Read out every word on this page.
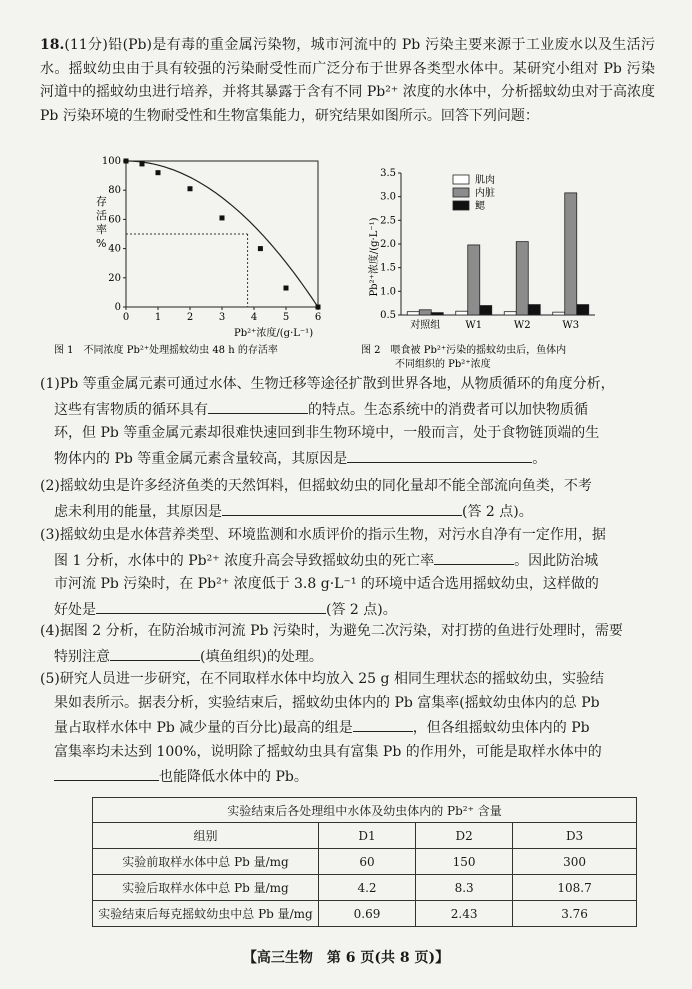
18.(11分)铅(Pb)是有毒的重金属污染物，城市河流中的 Pb 污染主要来源于工业废水以及生活污水。摇蚊幼虫由于具有较强的污染耐受性而广泛分布于世界各类型水体中。某研究小组对 Pb 污染河道中的摇蚊幼虫进行培养，并将其暴露于含有不同 Pb²⁺ 浓度的水体中，分析摇蚊幼虫对于高浓度 Pb 污染环境的生物耐受性和生物富集能力，研究结果如图所示。回答下列问题：
存
活
率
%
Pb²⁺浓度/(g·L⁻¹)
图 1　不同浓度 Pb²⁺处理摇蚊幼虫 48 h 的存活率
0	1	2	3	4	5	6
0
20
40
60
80
100
Pb²⁺浓度/(g·L⁻¹)
图 2　喂食被 Pb²⁺污染的摇蚊幼虫后，鱼体内
不同组织的 Pb²⁺浓度
0.5
1.0
1.5
2.0
2.5
3.0
3.5
对照组	W1	W2	W3
肌肉
内脏
鳃
(1)Pb 等重金属元素可通过水体、生物迁移等途径扩散到世界各地，从物质循环的角度分析，
这些有害物质的循环具有	的特点。生态系统中的消费者可以加快物质循
环，但 Pb 等重金属元素却很难快速回到非生物环境中，一般而言，处于食物链顶端的生
物体内的 Pb 等重金属元素含量较高，其原因是	。
(2)摇蚊幼虫是许多经济鱼类的天然饵料，但摇蚊幼虫的同化量却不能全部流向鱼类，不考
虑未利用的能量，其原因是	(答 2 点)。
(3)摇蚊幼虫是水体营养类型、环境监测和水质评价的指示生物，对污水自净有一定作用，据
图 1 分析，水体中的 Pb²⁺ 浓度升高会导致摇蚊幼虫的死亡率	。因此防治城
市河流 Pb 污染时，在 Pb²⁺ 浓度低于 3.8 g·L⁻¹ 的环境中适合选用摇蚊幼虫，这样做的
好处是	(答 2 点)。
(4)据图 2 分析，在防治城市河流 Pb 污染时，为避免二次污染，对打捞的鱼进行处理时，需要
特别注意	(填鱼组织)的处理。
(5)研究人员进一步研究，在不同取样水体中均放入 25 g 相同生理状态的摇蚊幼虫，实验结
果如表所示。据表分析，实验结束后，摇蚊幼虫体内的 Pb 富集率(摇蚊幼虫体内的总 Pb
量占取样水体中 Pb 减少量的百分比)最高的组是	，但各组摇蚊幼虫体内的 Pb
富集率均未达到 100%，说明除了摇蚊幼虫具有富集 Pb 的作用外，可能是取样水体中的
也能降低水体中的 Pb。
实验结束后各处理组中水体及幼虫体内的 Pb²⁺ 含量			
组别	D1	D2	D3
实验前取样水体中总 Pb 量/mg	60	150	300
实验后取样水体中总 Pb 量/mg	4.2	8.3	108.7
实验结束后每克摇蚊幼虫中总 Pb 量/mg	0.69	2.43	3.76
【高三生物　第 6 页(共 8 页)】
